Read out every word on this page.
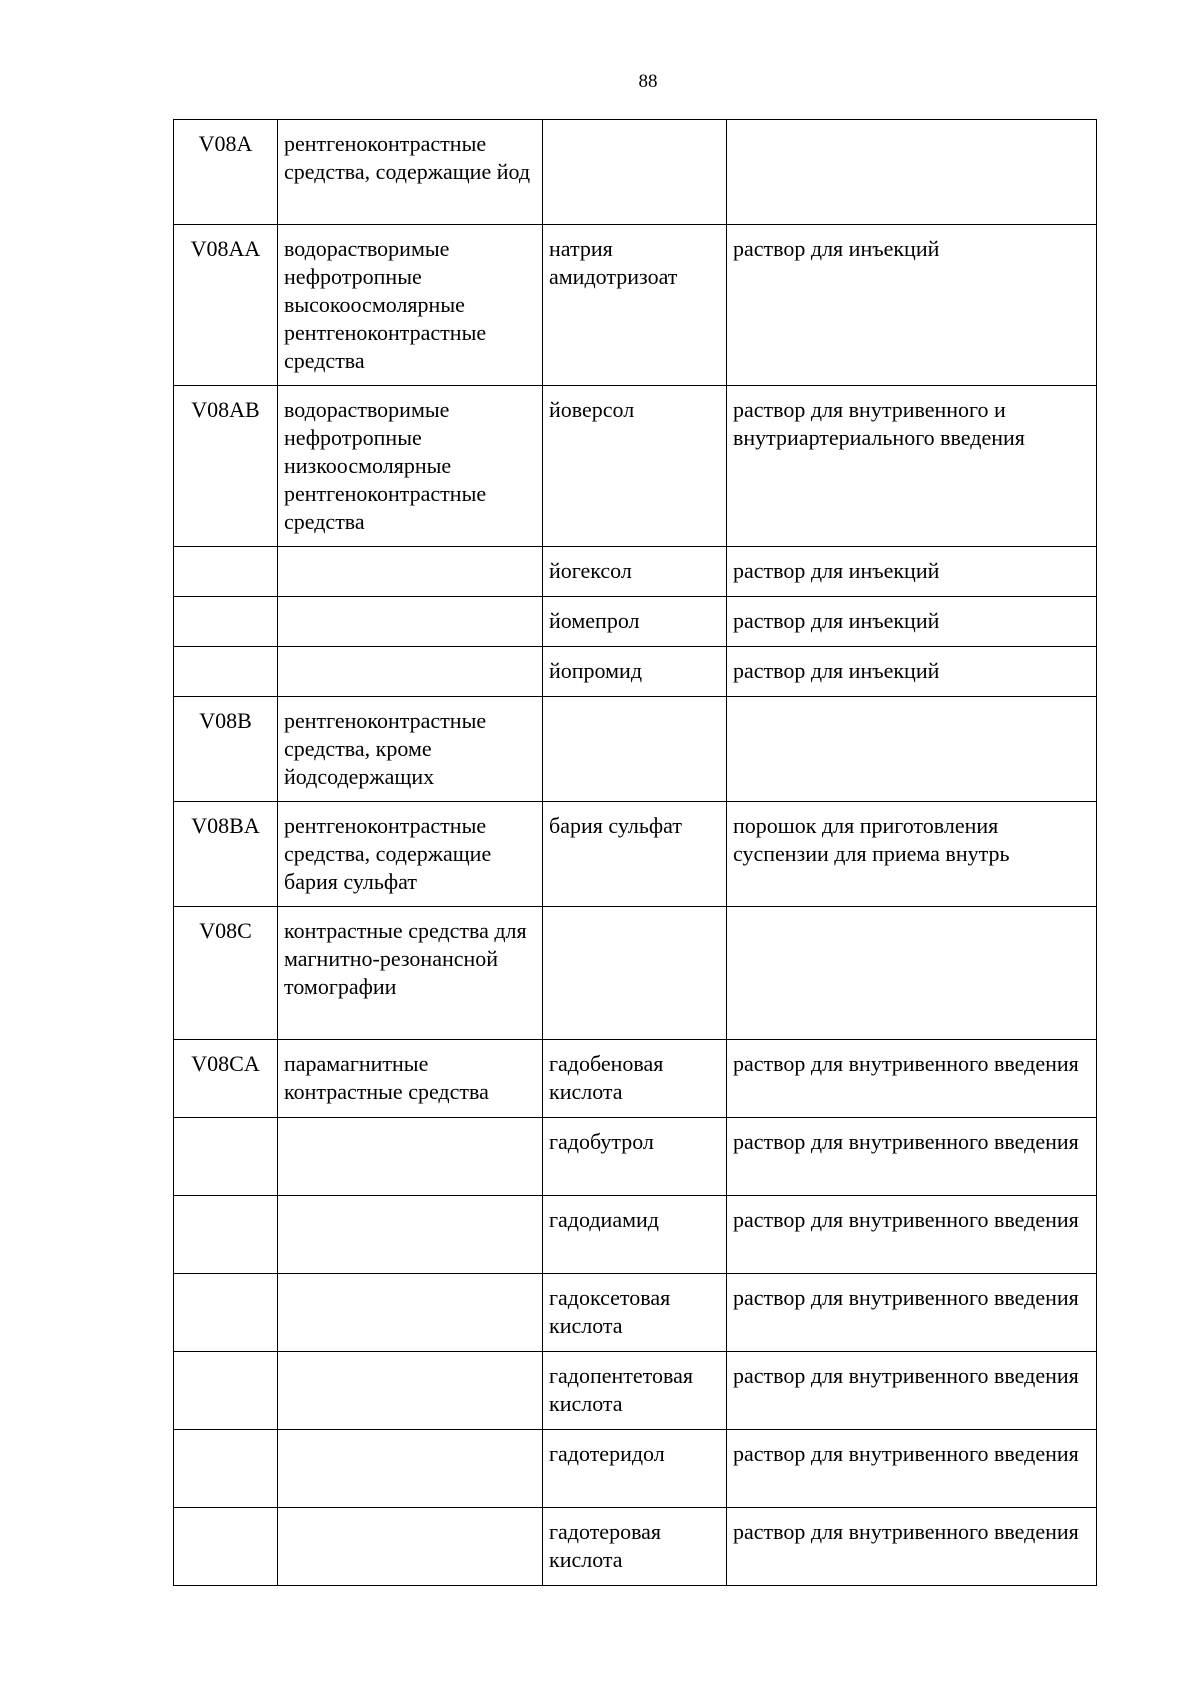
88
V08A	рентгеноконтрастные средства, содержащие йод		
V08AA	водорастворимые нефротропные высокоосмолярные рентгеноконтрастные средства	натрия амидотризоат	раствор для инъекций
V08AB	водорастворимые нефротропные низкоосмолярные рентгеноконтрастные средства	йоверсол	раствор для внутривенного и внутриартериального введения
		йогексол	раствор для инъекций
		йомепрол	раствор для инъекций
		йопромид	раствор для инъекций
V08B	рентгеноконтрастные средства, кроме йодсодержащих		
V08BA	рентгеноконтрастные средства, содержащие бария сульфат	бария сульфат	порошок для приготовления суспензии для приема внутрь
V08C	контрастные средства для магнитно-резонансной томографии		
V08CA	парамагнитные контрастные средства	гадобеновая кислота	раствор для внутривенного введения
		гадобутрол	раствор для внутривенного введения
		гадодиамид	раствор для внутривенного введения
		гадоксетовая кислота	раствор для внутривенного введения
		гадопентетовая кислота	раствор для внутривенного введения
		гадотеридол	раствор для внутривенного введения
		гадотеровая кислота	раствор для внутривенного введения
